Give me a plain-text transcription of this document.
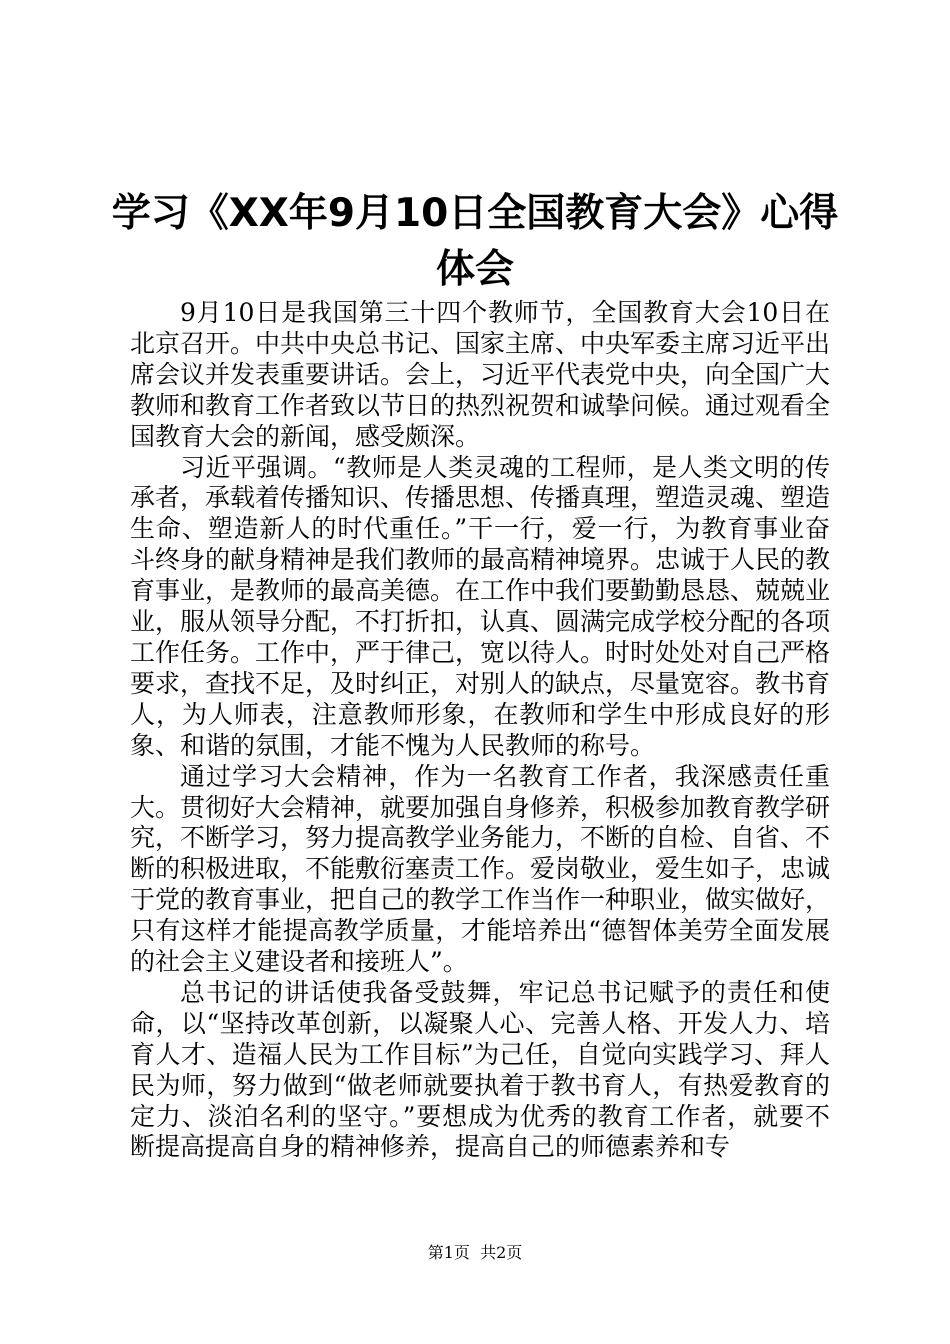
学习《XX年9月10日全国教育大会》心得体会

9月10日是我国第三十四个教师节，全国教育大会10日在北京召开。中共中央总书记、国家主席、中央军委主席习近平出席会议并发表重要讲话。会上，习近平代表党中央，向全国广大教师和教育工作者致以节日的热烈祝贺和诚挚问候。通过观看全国教育大会的新闻，感受颇深。

习近平强调。“教师是人类灵魂的工程师，是人类文明的传承者，承载着传播知识、传播思想、传播真理，塑造灵魂、塑造生命、塑造新人的时代重任。”干一行，爱一行，为教育事业奋斗终身的献身精神是我们教师的最高精神境界。忠诚于人民的教育事业，是教师的最高美德。在工作中我们要勤勤恳恳、兢兢业业，服从领导分配，不打折扣，认真、圆满完成学校分配的各项工作任务。工作中，严于律己，宽以待人。时时处处对自己严格要求，查找不足，及时纠正，对别人的缺点，尽量宽容。教书育人，为人师表，注意教师形象，在教师和学生中形成良好的形象、和谐的氛围，才能不愧为人民教师的称号。

通过学习大会精神，作为一名教育工作者，我深感责任重大。贯彻好大会精神，就要加强自身修养，积极参加教育教学研究，不断学习，努力提高教学业务能力，不断的自检、自省、不断的积极进取，不能敷衍塞责工作。爱岗敬业，爱生如子，忠诚于党的教育事业，把自己的教学工作当作一种职业，做实做好，只有这样才能提高教学质量，才能培养出“德智体美劳全面发展的社会主义建设者和接班人”。

总书记的讲话使我备受鼓舞，牢记总书记赋予的责任和使命，以“坚持改革创新，以凝聚人心、完善人格、开发人力、培育人才、造福人民为工作目标”为己任，自觉向实践学习、拜人民为师，努力做到“做老师就要执着于教书育人，有热爱教育的定力、淡泊名利的坚守。”要想成为优秀的教育工作者，就要不断提高提高自身的精神修养，提高自己的师德素养和专

第1页  共2页
